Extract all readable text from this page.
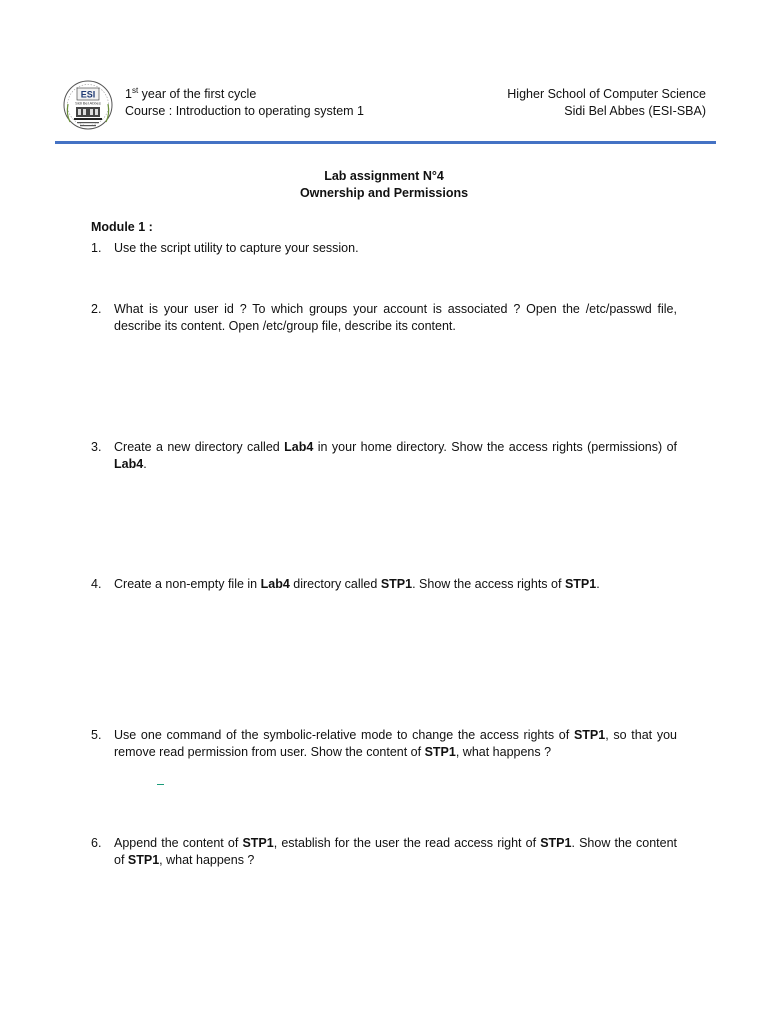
ESI
Sidi Bel Abbes
1st year of the first cycle
Course : Introduction to operating system 1
Higher School of Computer Science
Sidi Bel Abbes (ESI-SBA)
Lab assignment N°4
Ownership and Permissions
Module 1 :
1. Use the script utility to capture your session.
2. What is your user id ? To which groups your account is associated ? Open the /etc/passwd file, describe its content. Open /etc/group file, describe its content.
3. Create a new directory called Lab4 in your home directory. Show the access rights (permissions) of Lab4.
4. Create a non-empty file in Lab4 directory called STP1. Show the access rights of STP1.
5. Use one command of the symbolic-relative mode to change the access rights of STP1, so that you remove read permission from user. Show the content of STP1, what happens ?
6. Append the content of STP1, establish for the user the read access right of STP1. Show the content of STP1, what happens ?
